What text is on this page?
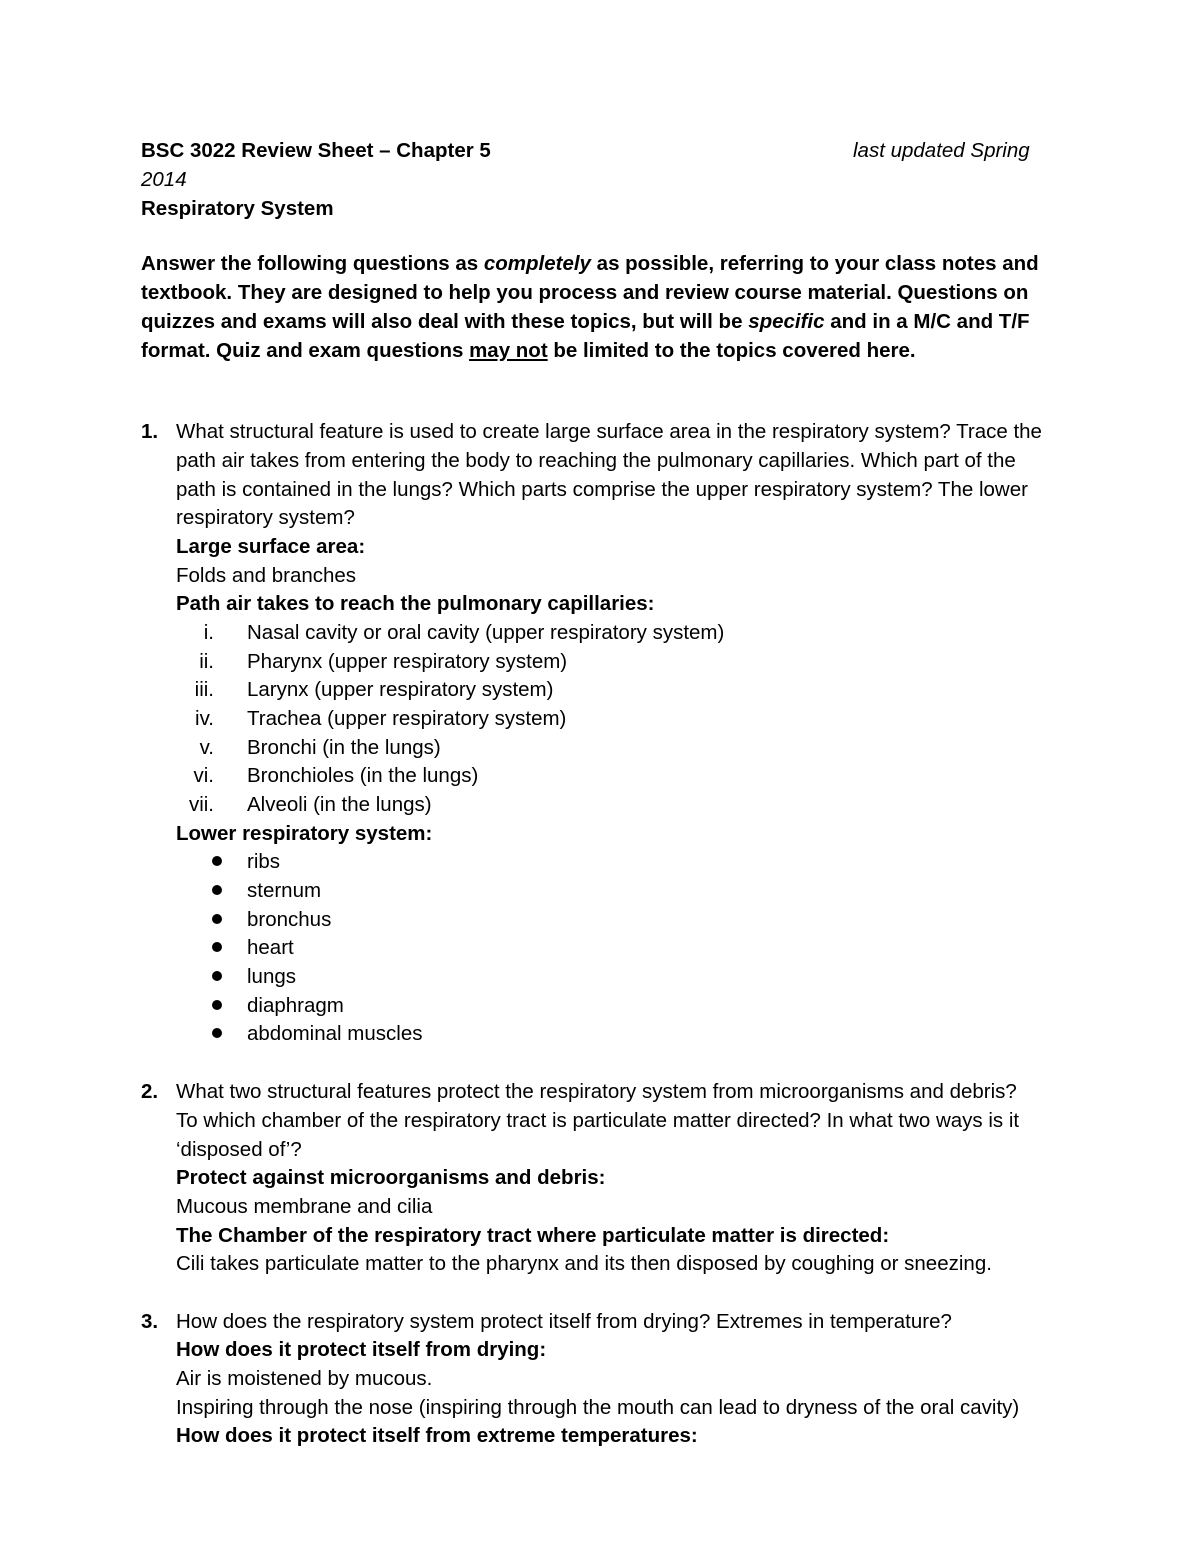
BSC 3022 Review Sheet – Chapter 5	last updated Spring
2014
Respiratory System
Answer the following questions as completely as possible, referring to your class notes and
textbook. They are designed to help you process and review course material. Questions on
quizzes and exams will also deal with these topics, but will be specific and in a M/C and T/F
format. Quiz and exam questions may not be limited to the topics covered here.
1. What structural feature is used to create large surface area in the respiratory system? Trace the
path air takes from entering the body to reaching the pulmonary capillaries. Which part of the
path is contained in the lungs? Which parts comprise the upper respiratory system? The lower
respiratory system?
Large surface area:
Folds and branches
Path air takes to reach the pulmonary capillaries:
i. Nasal cavity or oral cavity (upper respiratory system)
ii. Pharynx (upper respiratory system)
iii. Larynx (upper respiratory system)
iv. Trachea (upper respiratory system)
v. Bronchi (in the lungs)
vi. Bronchioles (in the lungs)
vii. Alveoli (in the lungs)
Lower respiratory system:
ribs
sternum
bronchus
heart
lungs
diaphragm
abdominal muscles
2. What two structural features protect the respiratory system from microorganisms and debris?
To which chamber of the respiratory tract is particulate matter directed? In what two ways is it
‘disposed of’?
Protect against microorganisms and debris:
Mucous membrane and cilia
The Chamber of the respiratory tract where particulate matter is directed:
Cili takes particulate matter to the pharynx and its then disposed by coughing or sneezing.
3. How does the respiratory system protect itself from drying? Extremes in temperature?
How does it protect itself from drying:
Air is moistened by mucous.
Inspiring through the nose (inspiring through the mouth can lead to dryness of the oral cavity)
How does it protect itself from extreme temperatures:
